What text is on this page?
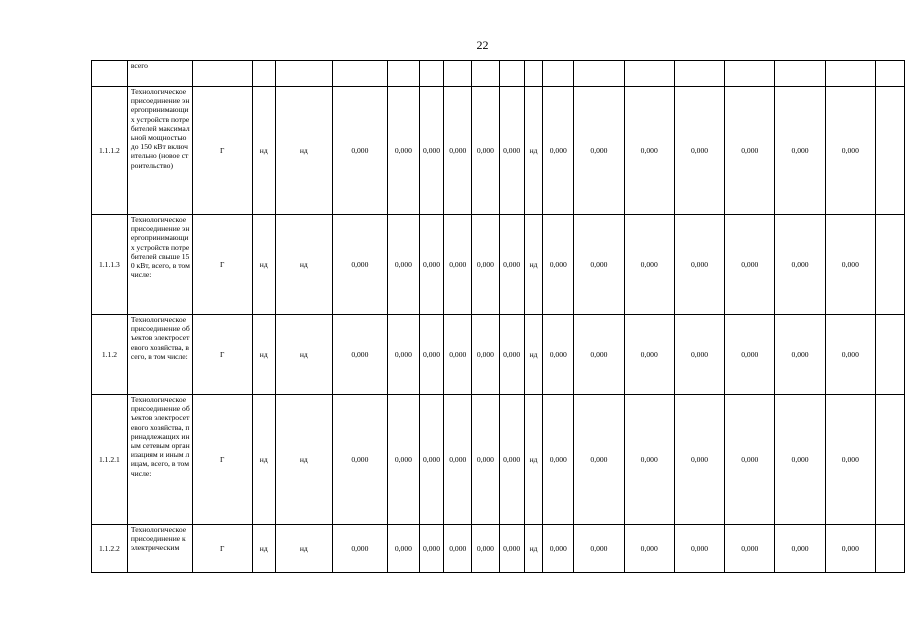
22
	всего																		
1.1.1.2	Технологическое присоединение энергопринимающих устройств потребителей максимальной мощностью до 150 кВт включительно (новое строительство)	Г	нд	нд	0,000	0,000	0,000	0,000	0,000	0,000	нд	0,000	0,000	0,000	0,000	0,000	0,000	0,000	
1.1.1.3	Технологическое присоединение энергопринимающих устройств потребителей свыше 150 кВт, всего, в том числе:	Г	нд	нд	0,000	0,000	0,000	0,000	0,000	0,000	нд	0,000	0,000	0,000	0,000	0,000	0,000	0,000	
1.1.2	Технологическое присоединение объектов электросетевого хозяйства, всего, в том числе:	Г	нд	нд	0,000	0,000	0,000	0,000	0,000	0,000	нд	0,000	0,000	0,000	0,000	0,000	0,000	0,000	
1.1.2.1	Технологическое присоединение объектов электросетевого хозяйства, принадлежащих иным сетевым организациям и иным лицам, всего, в том числе:	Г	нд	нд	0,000	0,000	0,000	0,000	0,000	0,000	нд	0,000	0,000	0,000	0,000	0,000	0,000	0,000	
1.1.2.2	Технологическое присоединение к электрическим	Г	нд	нд	0,000	0,000	0,000	0,000	0,000	0,000	нд	0,000	0,000	0,000	0,000	0,000	0,000	0,000	
